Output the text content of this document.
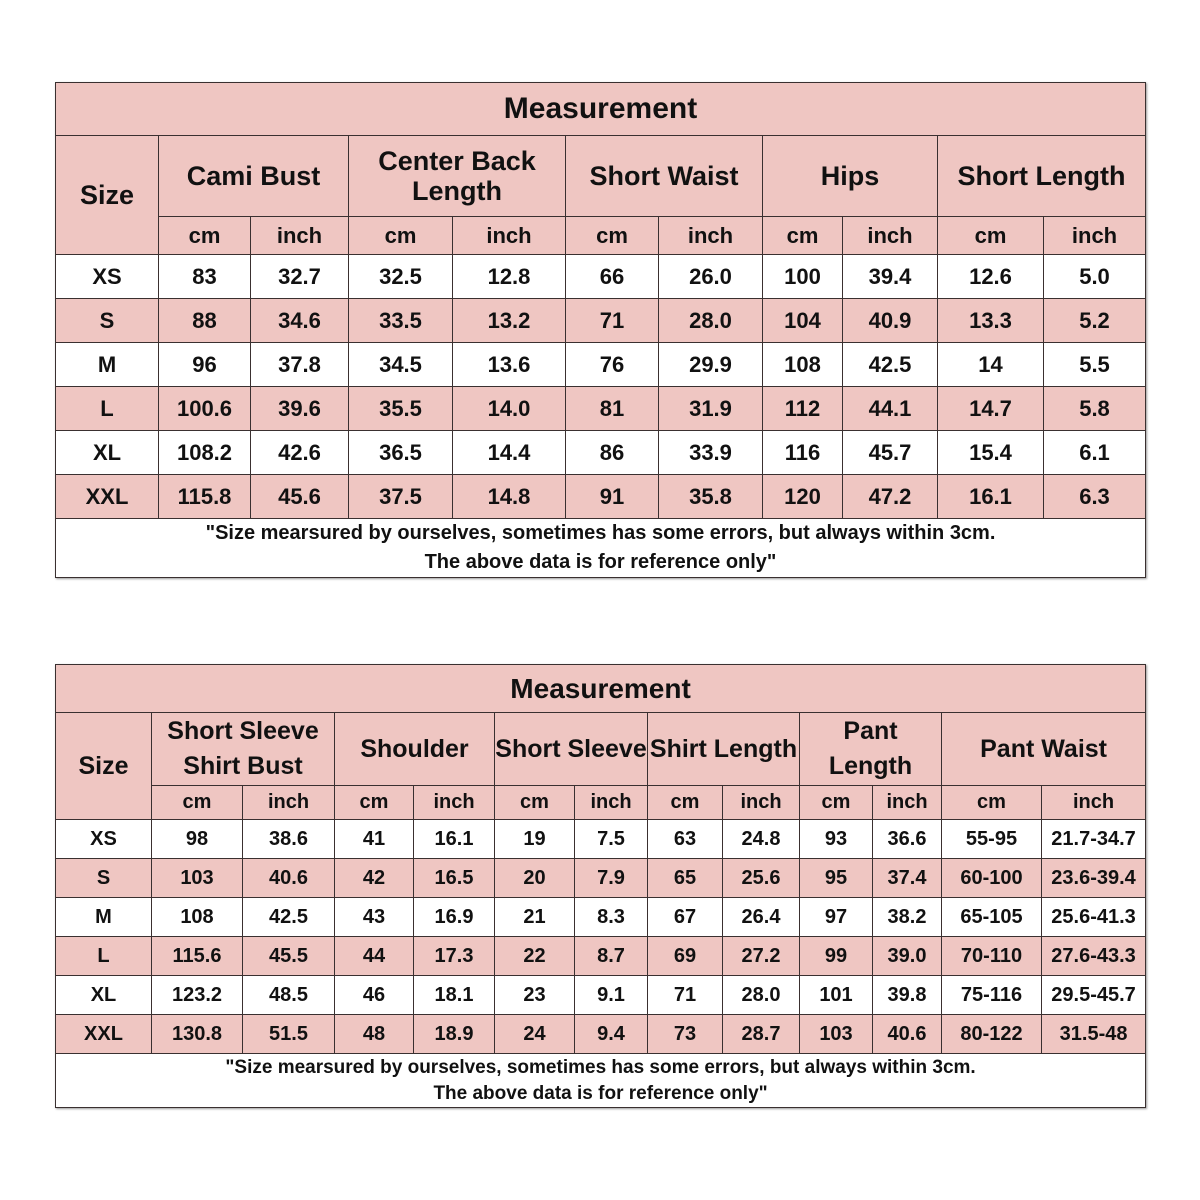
Measurement										
Size	Cami Bust		Center Back Length		Short Waist		Hips		Short Length	
	cm	inch	cm	inch	cm	inch	cm	inch	cm	inch
XS	83	32.7	32.5	12.8	66	26.0	100	39.4	12.6	5.0
S	88	34.6	33.5	13.2	71	28.0	104	40.9	13.3	5.2
M	96	37.8	34.5	13.6	76	29.9	108	42.5	14	5.5
L	100.6	39.6	35.5	14.0	81	31.9	112	44.1	14.7	5.8
XL	108.2	42.6	36.5	14.4	86	33.9	116	45.7	15.4	6.1
XXL	115.8	45.6	37.5	14.8	91	35.8	120	47.2	16.1	6.3

"Size mearsured by ourselves, sometimes has some errors, but always within 3cm.
The above data is for reference only"										
Measurement												
Size	Short Sleeve Shirt Bust		Shoulder		Short Sleeve		Shirt Length		Pant Length		Pant Waist	
	cm	inch	cm	inch	cm	inch	cm	inch	cm	inch	cm	inch
XS	98	38.6	41	16.1	19	7.5	63	24.8	93	36.6	55-95	21.7-34.7
S	103	40.6	42	16.5	20	7.9	65	25.6	95	37.4	60-100	23.6-39.4
M	108	42.5	43	16.9	21	8.3	67	26.4	97	38.2	65-105	25.6-41.3
L	115.6	45.5	44	17.3	22	8.7	69	27.2	99	39.0	70-110	27.6-43.3
XL	123.2	48.5	46	18.1	23	9.1	71	28.0	101	39.8	75-116	29.5-45.7
XXL	130.8	51.5	48	18.9	24	9.4	73	28.7	103	40.6	80-122	31.5-48

"Size mearsured by ourselves, sometimes has some errors, but always within 3cm.
The above data is for reference only"												
